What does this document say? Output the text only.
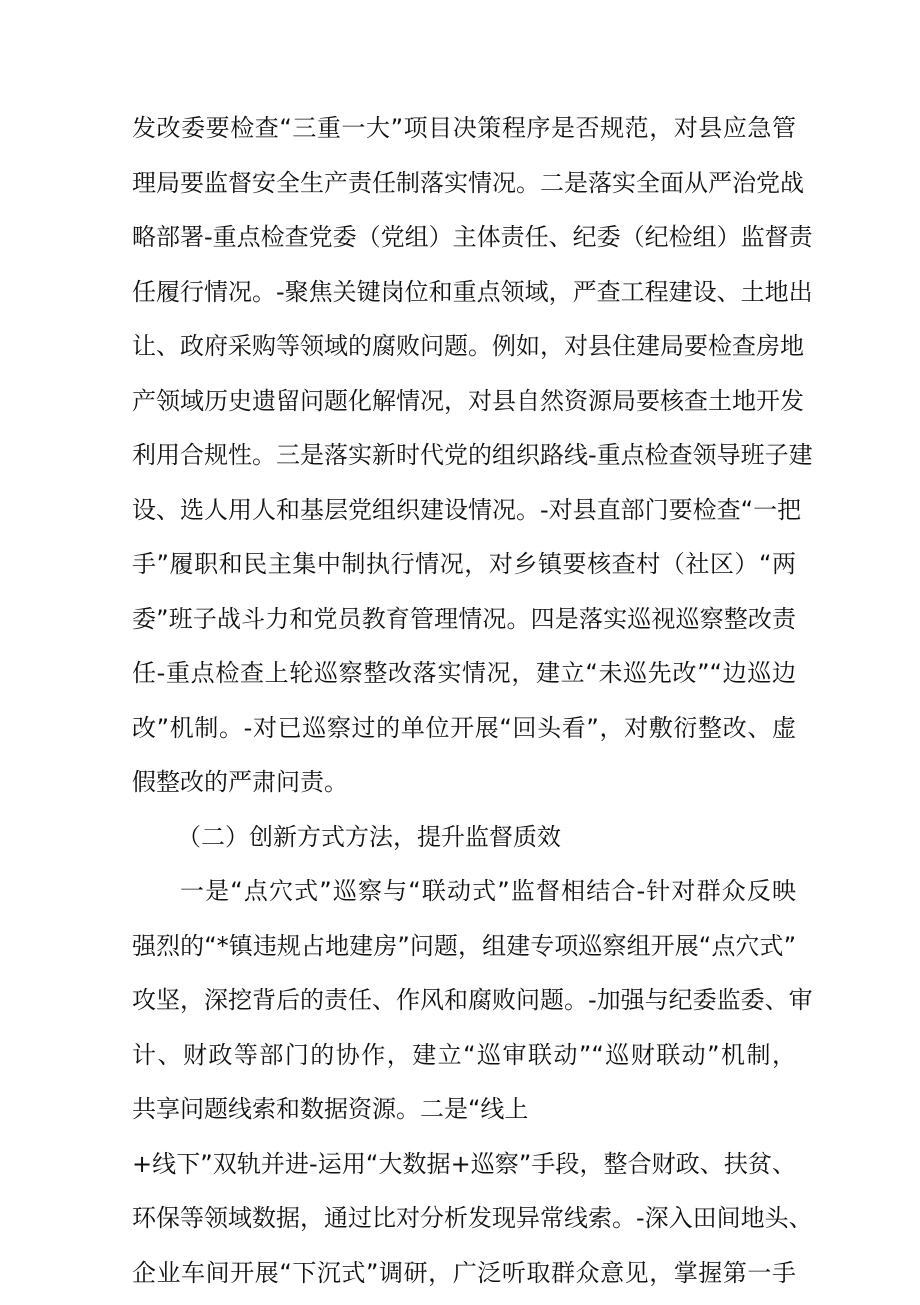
发改委要检查“三重一大”项目决策程序是否规范，对县应急管
理局要监督安全生产责任制落实情况。二是落实全面从严治党战
略部署-重点检查党委（党组）主体责任、纪委（纪检组）监督责
任履行情况。-聚焦关键岗位和重点领域，严查工程建设、土地出
让、政府采购等领域的腐败问题。例如，对县住建局要检查房地
产领域历史遗留问题化解情况，对县自然资源局要核查土地开发
利用合规性。三是落实新时代党的组织路线-重点检查领导班子建
设、选人用人和基层党组织建设情况。-对县直部门要检查“一把
手”履职和民主集中制执行情况，对乡镇要核查村（社区）“两
委”班子战斗力和党员教育管理情况。四是落实巡视巡察整改责
任-重点检查上轮巡察整改落实情况，建立“未巡先改”“边巡边
改”机制。-对已巡察过的单位开展“回头看”，对敷衍整改、虚
假整改的严肃问责。
（二）创新方式方法，提升监督质效
一是“点穴式”巡察与“联动式”监督相结合-针对群众反映
强烈的“*镇违规占地建房”问题，组建专项巡察组开展“点穴式”
攻坚，深挖背后的责任、作风和腐败问题。-加强与纪委监委、审
计、财政等部门的协作，建立“巡审联动”“巡财联动”机制，
共享问题线索和数据资源。二是“线上
+线下”双轨并进-运用“大数据+巡察”手段，整合财政、扶贫、
环保等领域数据，通过比对分析发现异常线索。-深入田间地头、
企业车间开展“下沉式”调研，广泛听取群众意见，掌握第一手
